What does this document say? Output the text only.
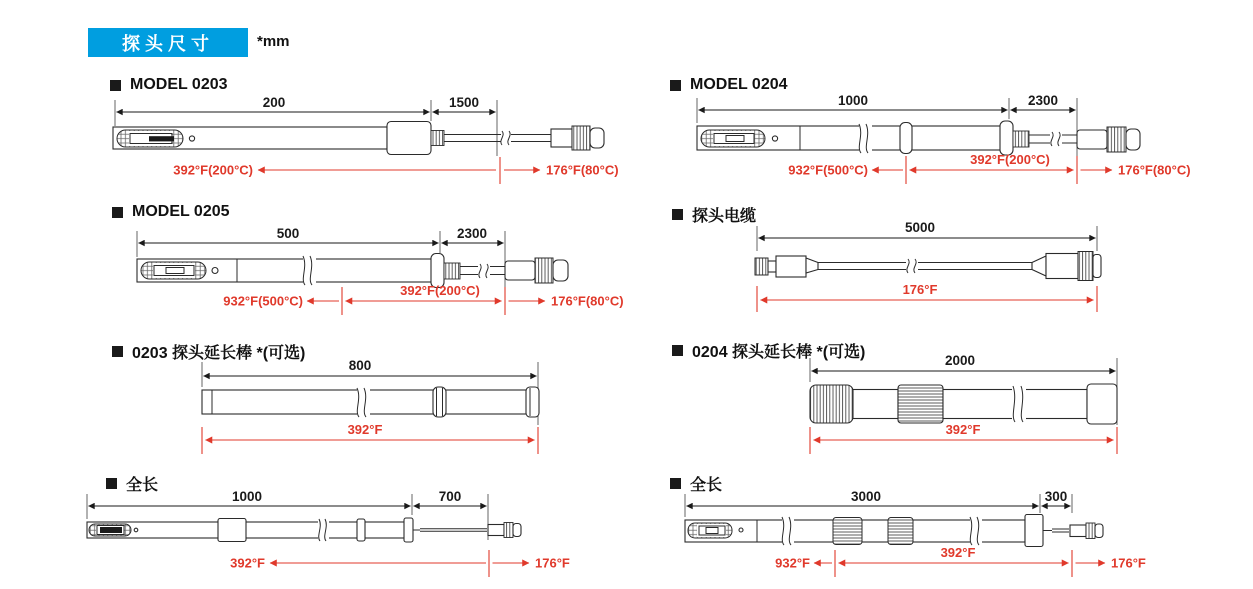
探头尺寸	*mm
MODEL 0203	MODEL 0204
MODEL 0205	探头电缆
0203 探头延长棒 *(可选)	0204 探头延长棒 *(可选)
全长	全长
200	1500
392°F(200°C)	176°F(80°C)
1000	2300
932°F(500°C)
392°F(200°C)
176°F(80°C)
500	2300
932°F(500°C)
392°F(200°C)
176°F(80°C)
5000
176°F
800
392°F
2000
392°F
1000	700
392°F	176°F
3000	300
932°F
392°F
176°F
